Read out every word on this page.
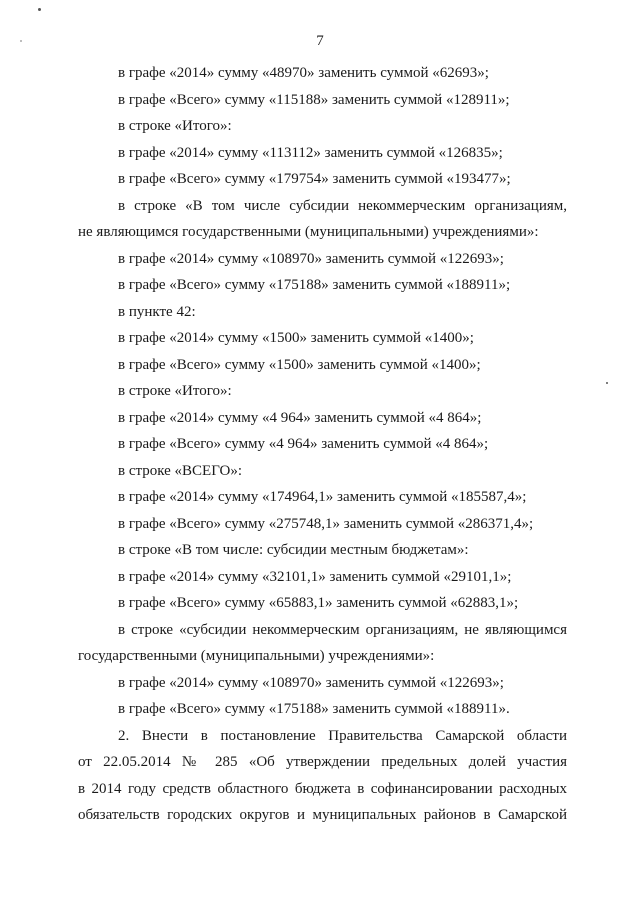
7
в графе «2014» сумму «48970» заменить суммой «62693»;
в графе «Всего» сумму «115188» заменить суммой «128911»;
в строке «Итого»:
в графе «2014» сумму «113112» заменить суммой «126835»;
в графе «Всего» сумму «179754» заменить суммой «193477»;
в строке «В том числе субсидии некоммерческим организациям,
не являющимся государственными (муниципальными) учреждениями»:
в графе «2014» сумму «108970» заменить суммой «122693»;
в графе «Всего» сумму «175188» заменить суммой «188911»;
в пункте 42:
в графе «2014» сумму «1500» заменить суммой «1400»;
в графе «Всего» сумму «1500» заменить суммой «1400»;
в строке «Итого»:
в графе «2014» сумму «4 964» заменить суммой «4 864»;
в графе «Всего» сумму «4 964» заменить суммой «4 864»;
в строке «ВСЕГО»:
в графе «2014» сумму «174964,1» заменить суммой «185587,4»;
в графе «Всего» сумму «275748,1» заменить суммой «286371,4»;
в строке «В том числе: субсидии местным бюджетам»:
в графе «2014» сумму «32101,1» заменить суммой «29101,1»;
в графе «Всего» сумму «65883,1» заменить суммой «62883,1»;
в строке «субсидии некоммерческим организациям, не являющимся
государственными (муниципальными) учреждениями»:
в графе «2014» сумму «108970» заменить суммой «122693»;
в графе «Всего» сумму «175188» заменить суммой «188911».
2. Внести в постановление Правительства Самарской области
от 22.05.2014 № 285 «Об утверждении предельных долей участия
в 2014 году средств областного бюджета в софинансировании расходных
обязательств городских округов и муниципальных районов в Самарской
